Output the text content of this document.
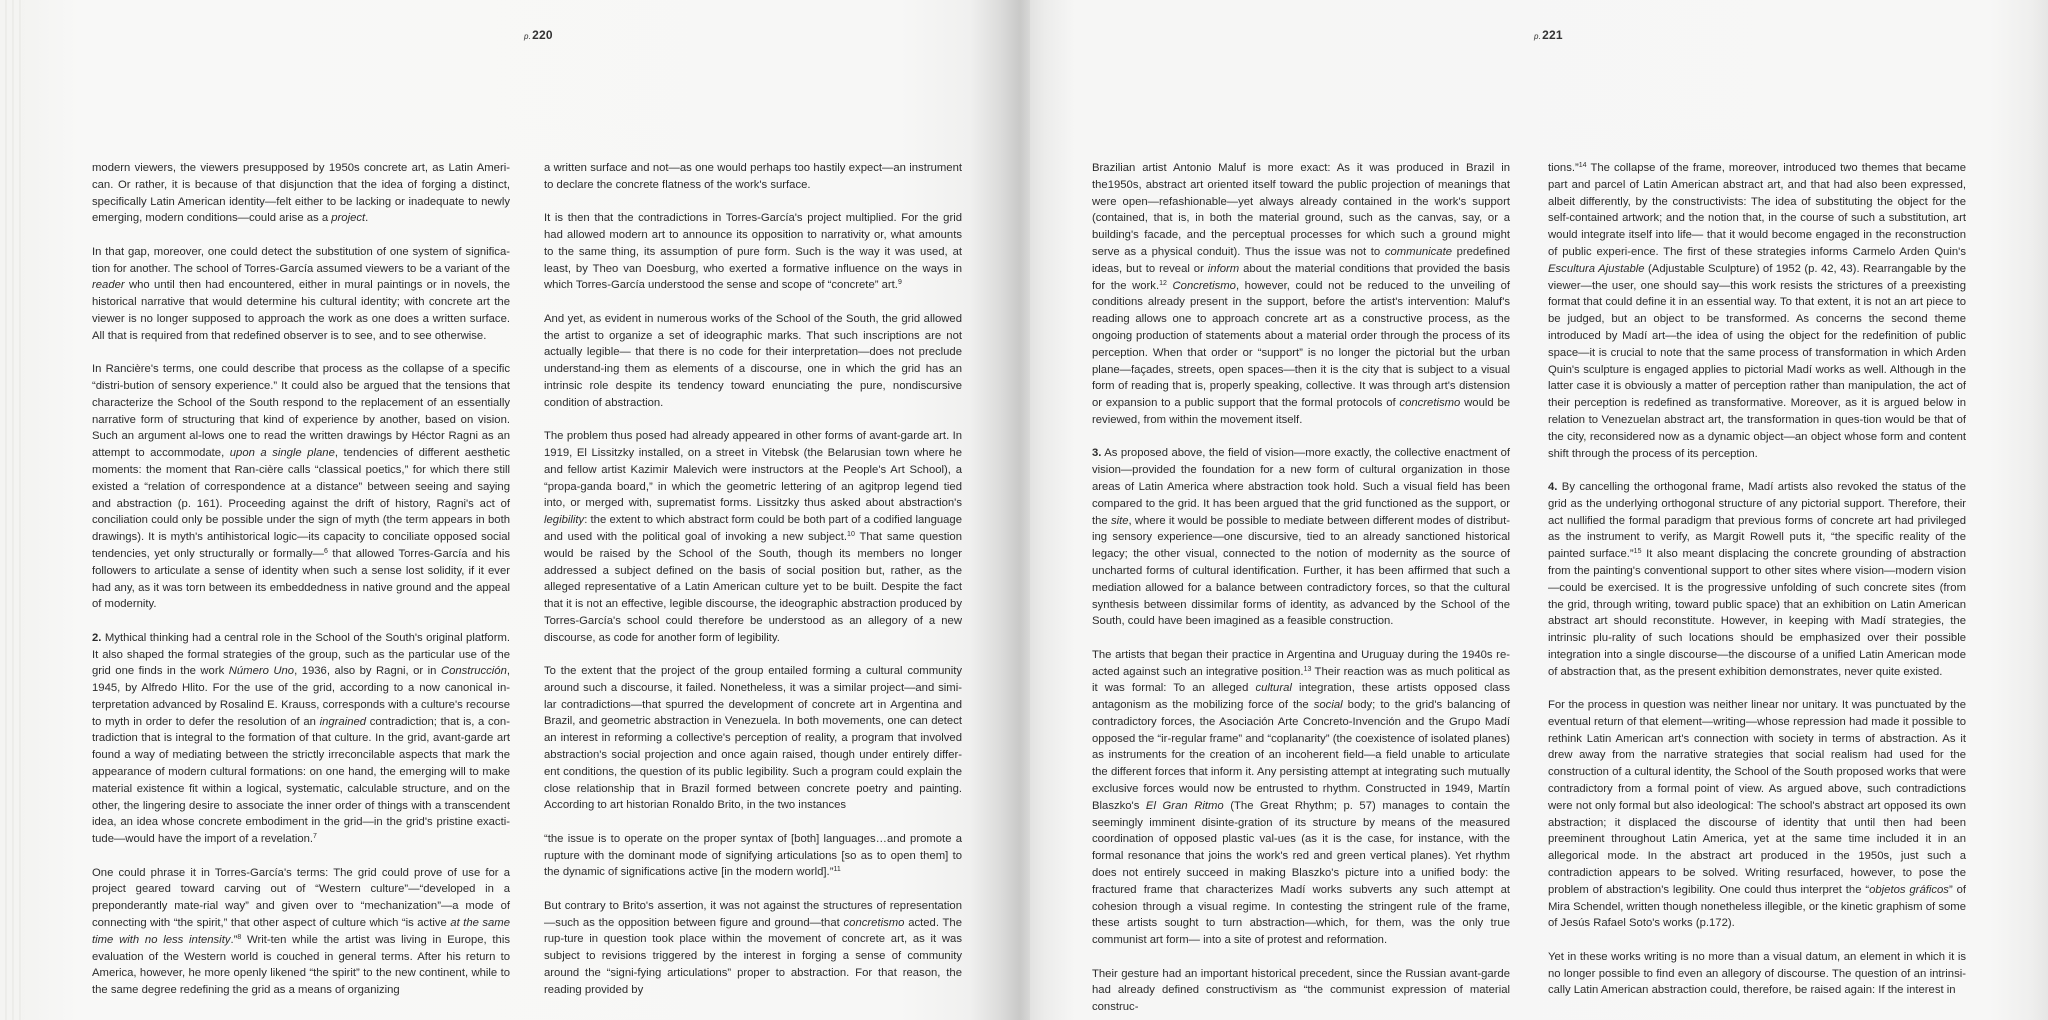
p.220

modern viewers, the viewers presupposed by 1950s concrete art, as Latin Ameri-can. Or rather, it is because of that disjunction that the idea of forging a distinct, specifically Latin American identity—felt either to be lacking or inadequate to newly emerging, modern conditions—could arise as a project.

In that gap, moreover, one could detect the substitution of one system of significa-tion for another. The school of Torres-García assumed viewers to be a variant of the reader who until then had encountered, either in mural paintings or in novels, the historical narrative that would determine his cultural identity; with concrete art the viewer is no longer supposed to approach the work as one does a written surface. All that is required from that redefined observer is to see, and to see otherwise.

In Rancière's terms, one could describe that process as the collapse of a specific “distri-bution of sensory experience.” It could also be argued that the tensions that characterize the School of the South respond to the replacement of an essentially narrative form of structuring that kind of experience by another, based on vision. Such an argument al-lows one to read the written drawings by Héctor Ragni as an attempt to accommodate, upon a single plane, tendencies of different aesthetic moments: the moment that Ran-cière calls “classical poetics,” for which there still existed a “relation of correspondence at a distance” between seeing and saying and abstraction (p. 161). Proceeding against the drift of history, Ragni's act of conciliation could only be possible under the sign of myth (the term appears in both drawings). It is myth's antihistorical logic—its capacity to conciliate opposed social tendencies, yet only structurally or formally—$^6$ that allowed Torres-García and his followers to articulate a sense of identity when such a sense lost solidity, if it ever had any, as it was torn between its embeddedness in native ground and the appeal of modernity.

2. Mythical thinking had a central role in the School of the South's original platform. It also shaped the formal strategies of the group, such as the particular use of the grid one finds in the work Número Uno, 1936, also by Ragni, or in Construcción, 1945, by Alfredo Hlito. For the use of the grid, according to a now canonical in-terpretation advanced by Rosalind E. Krauss, corresponds with a culture's recourse to myth in order to defer the resolution of an ingrained contradiction; that is, a con-tradiction that is integral to the formation of that culture. In the grid, avant-garde art found a way of mediating between the strictly irreconcilable aspects that mark the appearance of modern cultural formations: on one hand, the emerging will to make material existence fit within a logical, systematic, calculable structure, and on the other, the lingering desire to associate the inner order of things with a transcendent idea, an idea whose concrete embodiment in the grid—in the grid's pristine exacti-tude—would have the import of a revelation.$^7$

One could phrase it in Torres-García's terms: The grid could prove of use for a project geared toward carving out of “Western culture”—“developed in a preponderantly mate-rial way” and given over to “mechanization”—a mode of connecting with “the spirit,” that other aspect of culture which “is active at the same time with no less intensity.”$^8$ Writ-ten while the artist was living in Europe, this evaluation of the Western world is couched in general terms. After his return to America, however, he more openly likened “the spirit” to the new continent, while to the same degree redefining the grid as a means of organizing

a written surface and not—as one would perhaps too hastily expect—an instrument to declare the concrete flatness of the work's surface.

It is then that the contradictions in Torres-García's project multiplied. For the grid had allowed modern art to announce its opposition to narrativity or, what amounts to the same thing, its assumption of pure form. Such is the way it was used, at least, by Theo van Doesburg, who exerted a formative influence on the ways in which Torres-García understood the sense and scope of “concrete” art.$^9$

And yet, as evident in numerous works of the School of the South, the grid allowed the artist to organize a set of ideographic marks. That such inscriptions are not actually legible— that there is no code for their interpretation—does not preclude understand-ing them as elements of a discourse, one in which the grid has an intrinsic role despite its tendency toward enunciating the pure, nondiscursive condition of abstraction.

The problem thus posed had already appeared in other forms of avant-garde art. In 1919, El Lissitzky installed, on a street in Vitebsk (the Belarusian town where he and fellow artist Kazimir Malevich were instructors at the People's Art School), a “propa-ganda board,” in which the geometric lettering of an agitprop legend tied into, or merged with, suprematist forms. Lissitzky thus asked about abstraction's legibility: the extent to which abstract form could be both part of a codified language and used with the political goal of invoking a new subject.$^{10}$ That same question would be raised by the School of the South, though its members no longer addressed a subject defined on the basis of social position but, rather, as the alleged representative of a Latin American culture yet to be built. Despite the fact that it is not an effective, legible discourse, the ideographic abstraction produced by Torres-García's school could therefore be understood as an allegory of a new discourse, as code for another form of legibility.

To the extent that the project of the group entailed forming a cultural community around such a discourse, it failed. Nonetheless, it was a similar project—and simi-lar contradictions—that spurred the development of concrete art in Argentina and Brazil, and geometric abstraction in Venezuela. In both movements, one can detect an interest in reforming a collective's perception of reality, a program that involved abstraction's social projection and once again raised, though under entirely differ-ent conditions, the question of its public legibility. Such a program could explain the close relationship that in Brazil formed between concrete poetry and painting. According to art historian Ronaldo Brito, in the two instances

“the issue is to operate on the proper syntax of [both] languages…and promote a rupture with the dominant mode of signifying articulations [so as to open them] to the dynamic of significations active [in the modern world].”$^{11}$

But contrary to Brito's assertion, it was not against the structures of representation—such as the opposition between figure and ground—that concretismo acted. The rup-ture in question took place within the movement of concrete art, as it was subject to revisions triggered by the interest in forging a sense of community around the “signi-fying articulations” proper to abstraction. For that reason, the reading provided by

p.221

Brazilian artist Antonio Maluf is more exact: As it was produced in Brazil in the1950s, abstract art oriented itself toward the public projection of meanings that were open—refashionable—yet always already contained in the work's support (contained, that is, in both the material ground, such as the canvas, say, or a building's facade, and the perceptual processes for which such a ground might serve as a physical conduit). Thus the issue was not to communicate predefined ideas, but to reveal or inform about the material conditions that provided the basis for the work.$^{12}$ Concretismo, however, could not be reduced to the unveiling of conditions already present in the support, before the artist's intervention: Maluf's reading allows one to approach concrete art as a constructive process, as the ongoing production of statements about a material order through the process of its perception. When that order or “support” is no longer the pictorial but the urban plane—façades, streets, open spaces—then it is the city that is subject to a visual form of reading that is, properly speaking, collective. It was through art's distension or expansion to a public support that the formal protocols of concretismo would be reviewed, from within the movement itself.

3. As proposed above, the field of vision—more exactly, the collective enactment of vision—provided the foundation for a new form of cultural organization in those areas of Latin America where abstraction took hold. Such a visual field has been compared to the grid. It has been argued that the grid functioned as the support, or the site, where it would be possible to mediate between different modes of distribut-ing sensory experience—one discursive, tied to an already sanctioned historical legacy; the other visual, connected to the notion of modernity as the source of uncharted forms of cultural identification. Further, it has been affirmed that such a mediation allowed for a balance between contradictory forces, so that the cultural synthesis between dissimilar forms of identity, as advanced by the School of the South, could have been imagined as a feasible construction.

The artists that began their practice in Argentina and Uruguay during the 1940s re-acted against such an integrative position.$^{13}$ Their reaction was as much political as it was formal: To an alleged cultural integration, these artists opposed class antagonism as the mobilizing force of the social body; to the grid's balancing of contradictory forces, the Asociación Arte Concreto-Invención and the Grupo Madí opposed the “ir-regular frame” and “coplanarity” (the coexistence of isolated planes) as instruments for the creation of an incoherent field—a field unable to articulate the different forces that inform it. Any persisting attempt at integrating such mutually exclusive forces would now be entrusted to rhythm. Constructed in 1949, Martín Blaszko's El Gran Ritmo (The Great Rhythm; p. 57) manages to contain the seemingly imminent disinte-gration of its structure by means of the measured coordination of opposed plastic val-ues (as it is the case, for instance, with the formal resonance that joins the work's red and green vertical planes). Yet rhythm does not entirely succeed in making Blaszko's picture into a unified body: the fractured frame that characterizes Madí works subverts any such attempt at cohesion through a visual regime. In contesting the stringent rule of the frame, these artists sought to turn abstraction—which, for them, was the only true communist art form— into a site of protest and reformation.

Their gesture had an important historical precedent, since the Russian avant-garde had already defined constructivism as “the communist expression of material construc-

tions.”$^{14}$ The collapse of the frame, moreover, introduced two themes that became part and parcel of Latin American abstract art, and that had also been expressed, albeit differently, by the constructivists: The idea of substituting the object for the self-contained artwork; and the notion that, in the course of such a substitution, art would integrate itself into life— that it would become engaged in the reconstruction of public experi-ence. The first of these strategies informs Carmelo Arden Quin's Escultura Ajustable (Adjustable Sculpture) of 1952 (p. 42, 43). Rearrangable by the viewer—the user, one should say—this work resists the strictures of a preexisting format that could define it in an essential way. To that extent, it is not an art piece to be judged, but an object to be transformed. As concerns the second theme introduced by Madí art—the idea of using the object for the redefinition of public space—it is crucial to note that the same process of transformation in which Arden Quin's sculpture is engaged applies to pictorial Madí works as well. Although in the latter case it is obviously a matter of perception rather than manipulation, the act of their perception is redefined as transformative. Moreover, as it is argued below in relation to Venezuelan abstract art, the transformation in ques-tion would be that of the city, reconsidered now as a dynamic object—an object whose form and content shift through the process of its perception.

4. By cancelling the orthogonal frame, Madí artists also revoked the status of the grid as the underlying orthogonal structure of any pictorial support. Therefore, their act nullified the formal paradigm that previous forms of concrete art had privileged as the instrument to verify, as Margit Rowell puts it, “the specific reality of the painted surface.”$^{15}$ It also meant displacing the concrete grounding of abstraction from the painting's conventional support to other sites where vision—modern vision—could be exercised. It is the progressive unfolding of such concrete sites (from the grid, through writing, toward public space) that an exhibition on Latin American abstract art should reconstitute. However, in keeping with Madí strategies, the intrinsic plu-rality of such locations should be emphasized over their possible integration into a single discourse—the discourse of a unified Latin American mode of abstraction that, as the present exhibition demonstrates, never quite existed.

For the process in question was neither linear nor unitary. It was punctuated by the eventual return of that element—writing—whose repression had made it possible to rethink Latin American art's connection with society in terms of abstraction. As it drew away from the narrative strategies that social realism had used for the construction of a cultural identity, the School of the South proposed works that were contradictory from a formal point of view. As argued above, such contradictions were not only formal but also ideological: The school's abstract art opposed its own abstraction; it displaced the discourse of identity that until then had been preeminent throughout Latin America, yet at the same time included it in an allegorical mode. In the abstract art produced in the 1950s, just such a contradiction appears to be solved. Writing resurfaced, however, to pose the problem of abstraction's legibility. One could thus interpret the “objetos gráficos” of Mira Schendel, written though nonetheless illegible, or the kinetic graphism of some of Jesús Rafael Soto's works (p.172).

Yet in these works writing is no more than a visual datum, an element in which it is no longer possible to find even an allegory of discourse. The question of an intrinsi-cally Latin American abstraction could, therefore, be raised again: If the interest in
